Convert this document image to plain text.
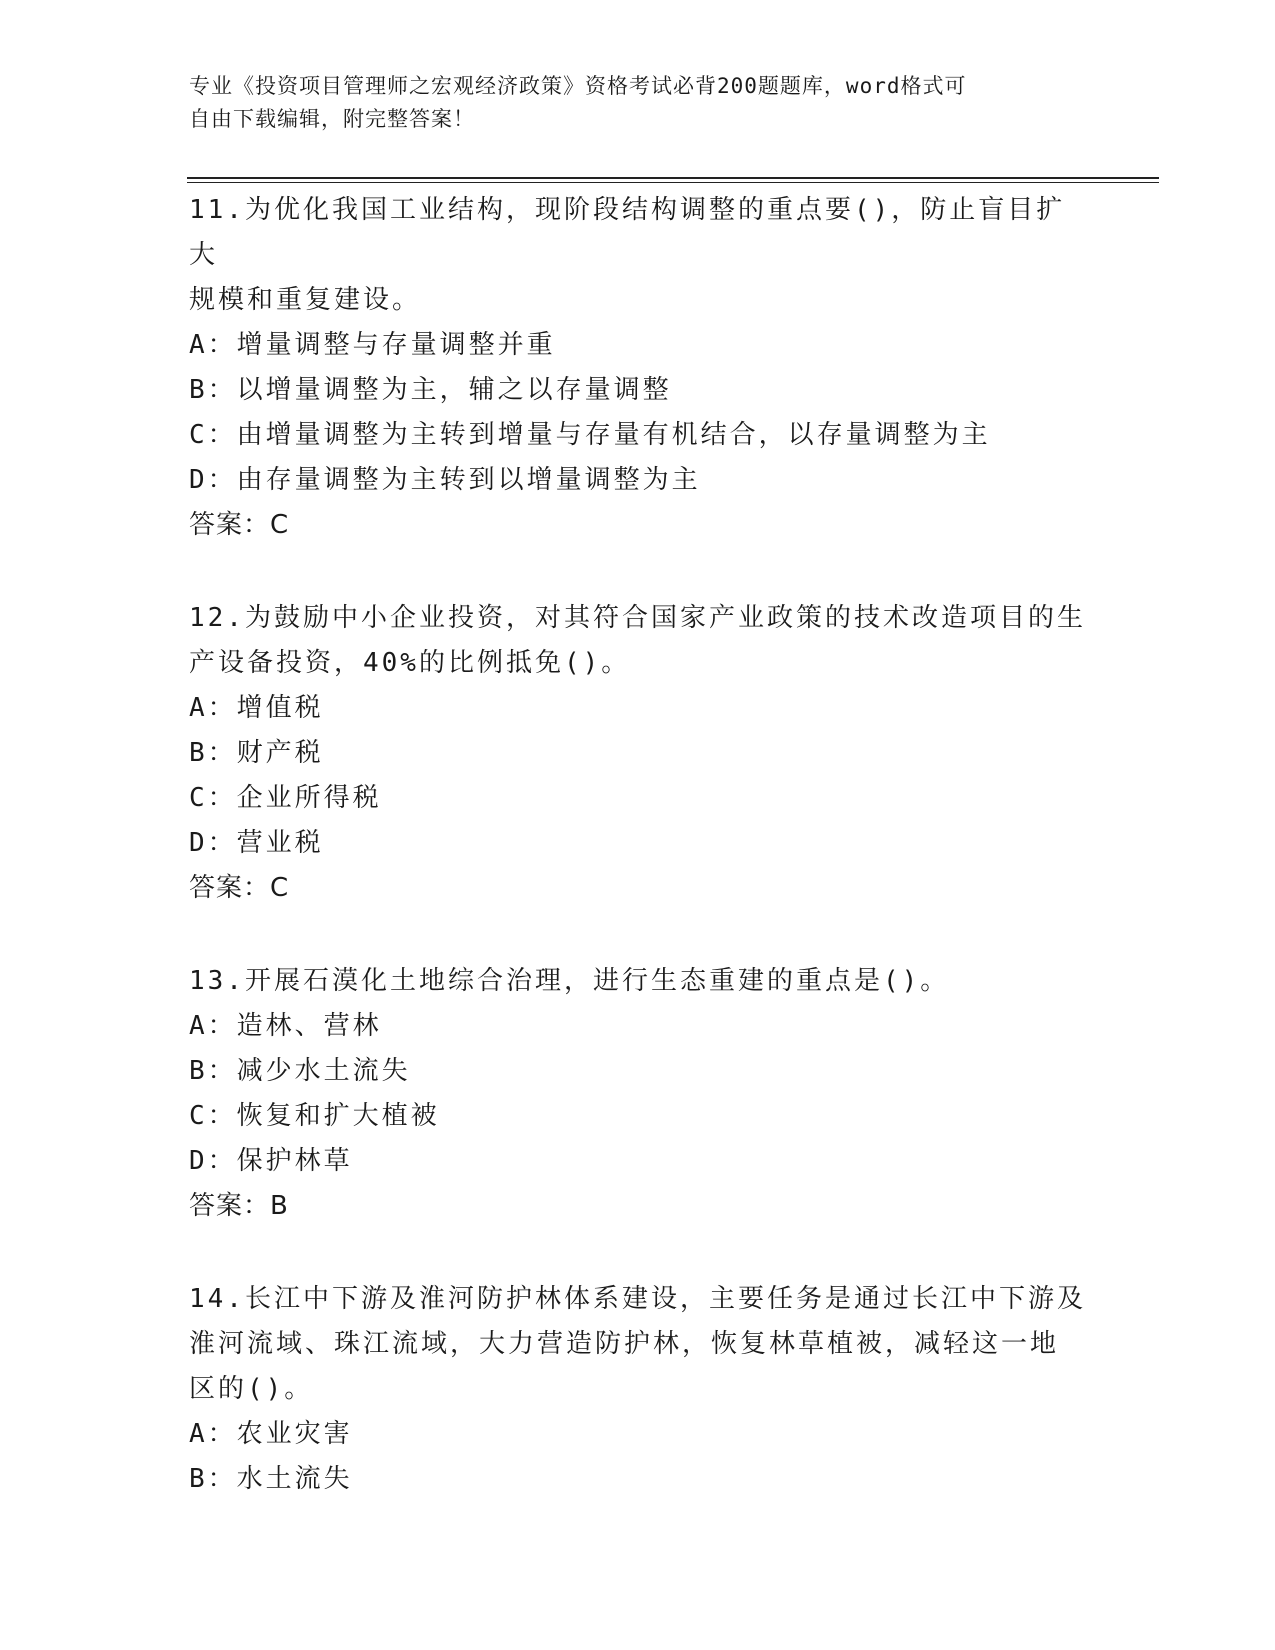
专业《投资项目管理师之宏观经济政策》资格考试必背200题题库，word格式可
自由下载编辑，附完整答案！

11.为优化我国工业结构，现阶段结构调整的重点要()，防止盲目扩大

规模和重复建设。

A：增量调整与存量调整并重

B：以增量调整为主，辅之以存量调整

C：由增量调整为主转到增量与存量有机结合，以存量调整为主

D：由存量调整为主转到以增量调整为主

答案：C

12.为鼓励中小企业投资，对其符合国家产业政策的技术改造项目的生

产设备投资，40%的比例抵免()。

A：增值税

B：财产税

C：企业所得税

D：营业税

答案：C

13.开展石漠化土地综合治理，进行生态重建的重点是()。

A：造林、营林

B：减少水土流失

C：恢复和扩大植被

D：保护林草

答案：B

14.长江中下游及淮河防护林体系建设，主要任务是通过长江中下游及

淮河流域、珠江流域，大力营造防护林，恢复林草植被，减轻这一地

区的()。

A：农业灾害

B：水土流失
